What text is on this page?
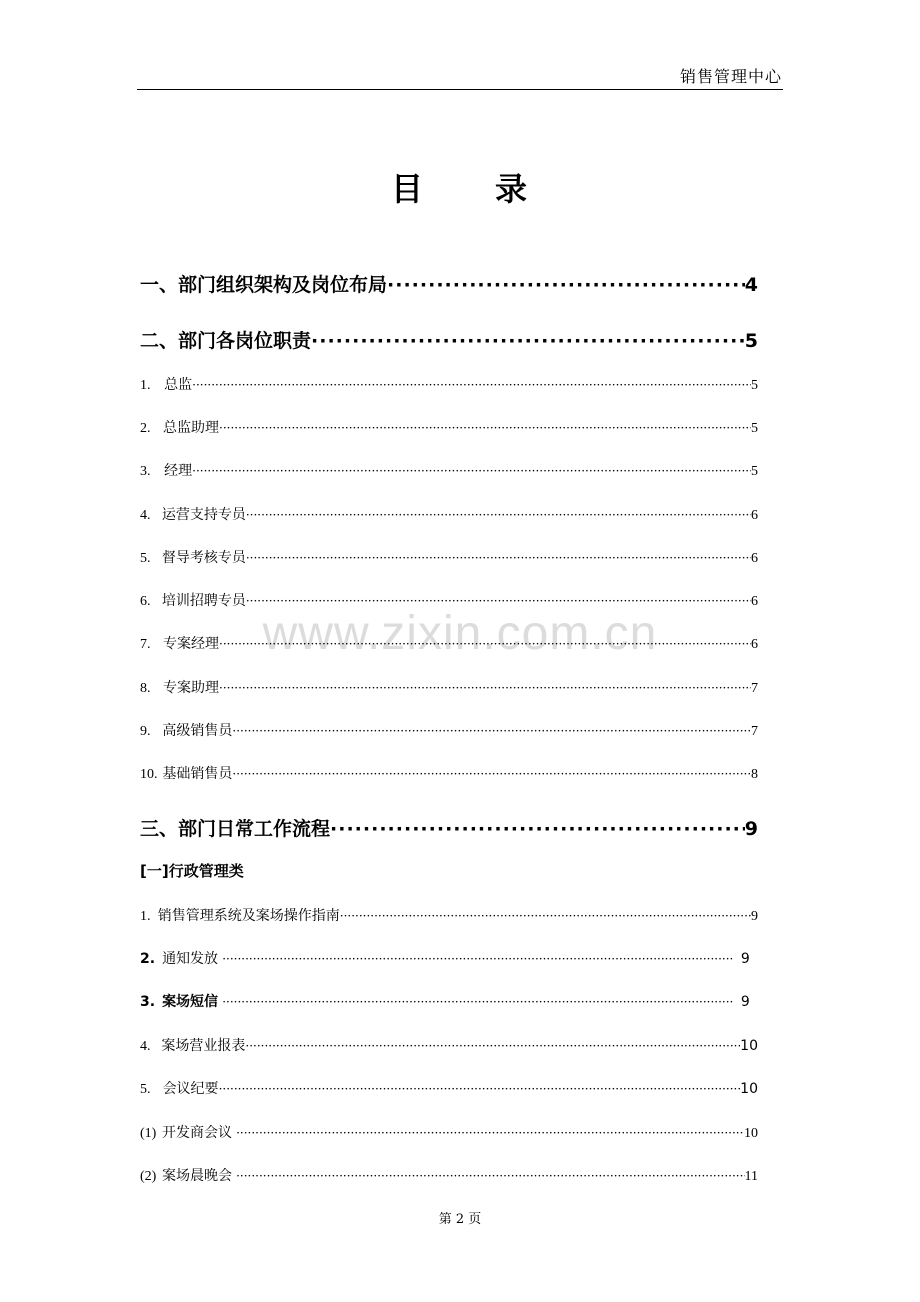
销售管理中心
目 录
www.zixin.com.cn
一、部门组织架构及岗位布局 ·····	4
二、部门各岗位职责 ·····	5
1. 总监 ·····	5
2. 总监助理 ·····	5
3. 经理 ·····	5
4. 运营支持专员 ·····	6
5. 督导考核专员 ·····	6
6. 培训招聘专员 ·····	6
7. 专案经理 ·····	6
8. 专案助理 ·····	7
9. 高级销售员 ·····	7
10. 基础销售员 ·····	8
三、部门日常工作流程 ·····	9
[一]行政管理类
1. 销售管理系统及案场操作指南 ·····	9
2. 通知发放 ·····	9
3. 案场短信 ·····	9
4. 案场营业报表 ·····	10
5. 会议纪要 ·····	10
(1) 开发商会议 ·····	10
(2) 案场晨晚会 ·····	11
第 2 页
